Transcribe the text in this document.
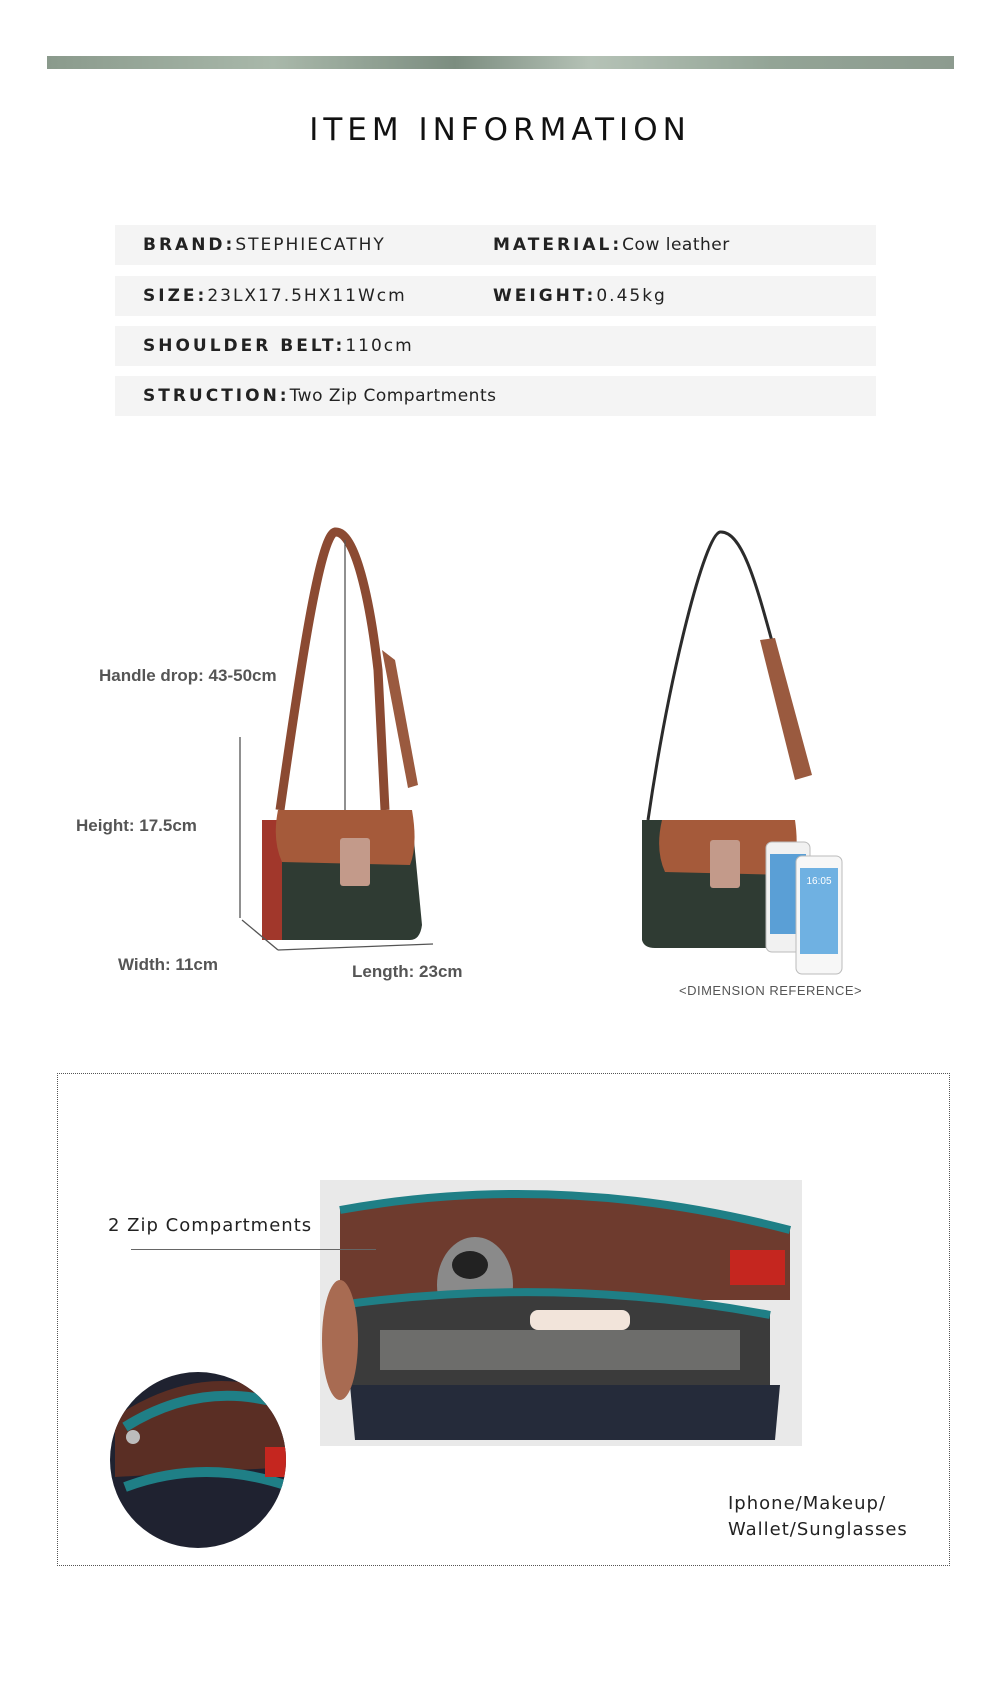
ITEM INFORMATION
BRAND:STEPHIECATHY	MATERIAL:Cow leather
SIZE:23LX17.5HX11Wcm	WEIGHT:0.45kg
SHOULDER BELT:110cm
STRUCTION:Two Zip Compartments
16:05
Handle drop: 43-50cm
Height: 17.5cm
Width: 11cm	Length: 23cm
<DIMENSION REFERENCE>
2 Zip Compartments
Iphone/Makeup/
Wallet/Sunglasses
